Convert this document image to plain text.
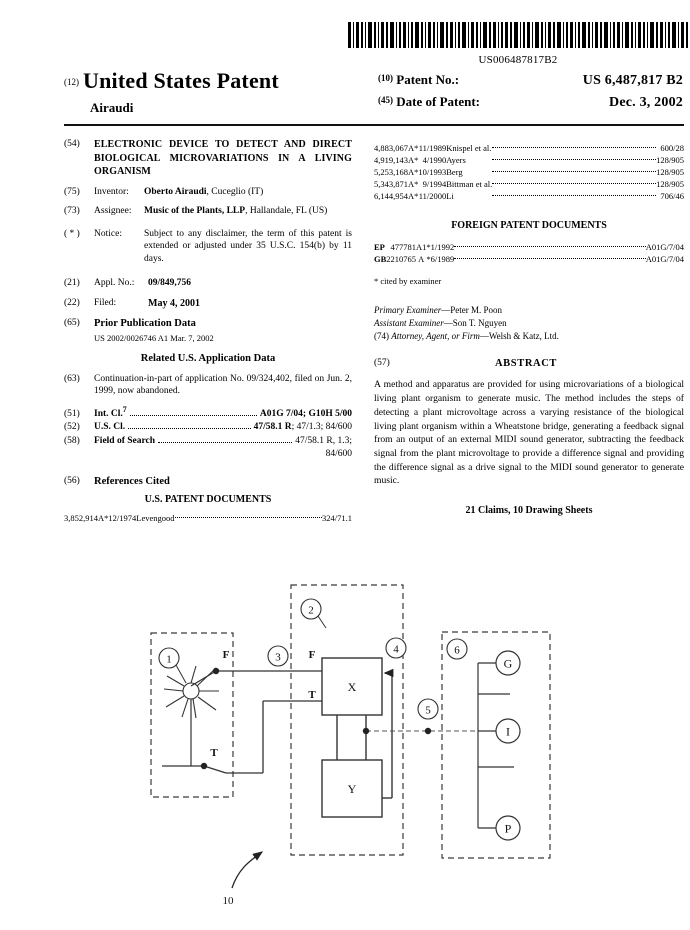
US006487817B2
(12) United States Patent
Airaudi
$^{(10)}$ Patent No.:	US 6,487,817 B2
$^{(45)}$ Date of Patent:	Dec. 3, 2002
(54)	ELECTRONIC DEVICE TO DETECT AND DIRECT BIOLOGICAL MICROVARIATIONS IN A LIVING ORGANISM
(75)	Inventor:	Oberto Airaudi, Cuceglio (IT)
(73)	Assignee:	Music of the Plants, LLP, Hallandale, FL (US)
( * )	Notice:	Subject to any disclaimer, the term of this patent is extended or adjusted under 35 U.S.C. 154(b) by 11 days.
(21)	Appl. No.:	09/849,756
(22)	Filed:	May 4, 2001
(65)	Prior Publication Data
US 2002/0026746 A1 Mar. 7, 2002
Related U.S. Application Data
(63)	Continuation-in-part of application No. 09/324,402, filed on Jun. 2, 1999, now abandoned.
(51)	Int. Cl.$^7$	A01G 7/04; G10H 5/00
(52)	U.S. Cl.	47/58.1 R; 47/1.3; 84/600
(58)	Field of Search	47/58.1 R, 1.3;
84/600
(56)	References Cited
U.S. PATENT DOCUMENTS
3,852,914	A	*	12/1974	Levengood		324/71.1
4,883,067	A	*	11/1989	Knispel et al.		600/28
4,919,143	A	*	4/1990	Ayers		128/905
5,253,168	A	*	10/1993	Berg		128/905
5,343,871	A	*	9/1994	Bittman et al.		128/905
6,144,954	A	*	11/2000	Li		706/46
FOREIGN PATENT DOCUMENTS
EP	477781	A1	*	1/1992		A01G/7/04
GB	2210765	A	*	6/1989		A01G/7/04
* cited by examiner
Primary Examiner—Peter M. Poon
Assistant Examiner—Son T. Nguyen
(74) Attorney, Agent, or Firm—Welsh & Katz, Ltd.
(57)	ABSTRACT
A method and apparatus are provided for using microvariations of a biological living plant organism to generate music. The method includes the steps of detecting a plant microvoltage across a varying resistance of the biological living plant organism within a Wheatstone bridge, generating a feedback signal from an output of an external MIDI sound generator, subtracting the feedback signal from the plant microvoltage to provide a difference signal and providing the difference signal as a drive signal to the MIDI sound generator to generate music.
21 Claims, 10 Drawing Sheets
1
2
3
4
5
6
X
Y
G
I
P
F	F
T
T
10
